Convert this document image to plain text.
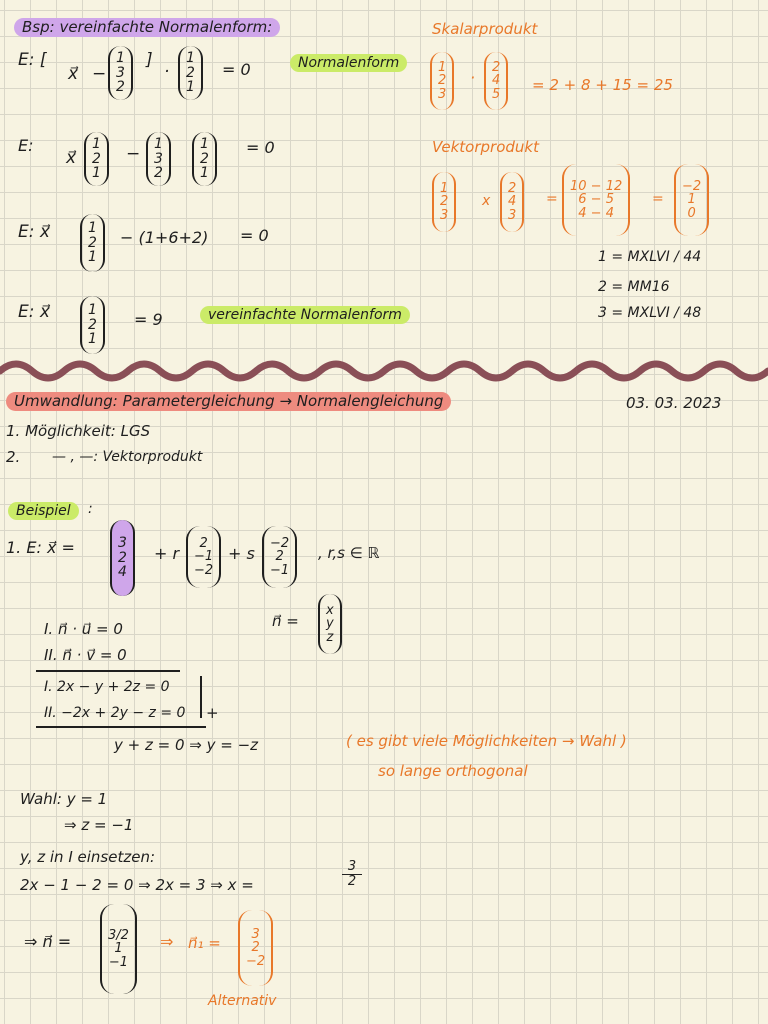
Bsp: vereinfachte Normalenform:
E: [
x⃗ −
1
3
2
]
·
1
2
1
= 0	Normalenform
E:
x⃗
1
2
1
−
1
3
2
1
2
1
= 0
E: x⃗	1
2
1
− (1+6+2) = 0
E: x⃗	1
2
1
= 9	vereinfachte Normalenform
Skalarprodukt
1
2
3
·
2
4
5
= 2 + 8 + 15 = 25
Vektorprodukt
1
2
3
x
2
4
3
=
10 − 12
6 − 5
4 − 4
=
−2
1
0
1 = MXLVI / 44
2 = MM16
3 = MXLVI / 48
Umwandlung: Parametergleichung → Normalengleichung	03. 03. 2023
1. Möglichkeit: LGS
2. — , —: Vektorprodukt
Beispiel	:
1. E: x⃗ =	3
2
4
+ r
2
−1
−2
+ s
−2
2
−1
, r,s ∈ ℝ
n⃗ =
x
y
z
I. n⃗ · u⃗ = 0
II. n⃗ · v⃗ = 0
I. 2x − y + 2z = 0
II. −2x + 2y − z = 0 +
y + z = 0 ⇒ y = −z	( es gibt viele Möglichkeiten → Wahl )
so lange orthogonal
Wahl: y = 1
⇒ z = −1
y, z in I einsetzen:
2x − 1 − 2 = 0 ⇒ 2x = 3 ⇒ x =
3
2
⇒ n⃗ =	3/2
1
−1
⇒ n⃗₁ = 3
2
−2
Alternativ
